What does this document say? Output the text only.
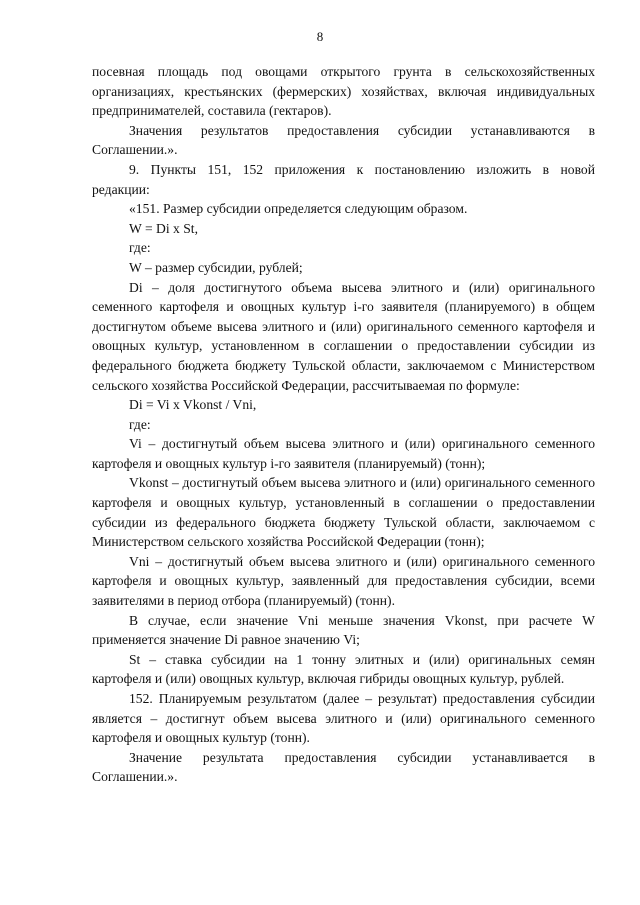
8

посевная площадь под овощами открытого грунта в сельскохозяйственных организациях, крестьянских (фермерских) хозяйствах, включая индивидуальных предпринимателей, составила (гектаров).

Значения результатов предоставления субсидии устанавливаются в Соглашении.».

9. Пункты 151, 152 приложения к постановлению изложить в новой редакции:

«151. Размер субсидии определяется следующим образом.

W = Di x St,

где:

W – размер субсидии, рублей;

Di – доля достигнутого объема высева элитного и (или) оригинального семенного картофеля и овощных культур i-го заявителя (планируемого) в общем достигнутом объеме высева элитного и (или) оригинального семенного картофеля и овощных культур, установленном в соглашении о предоставлении субсидии из федерального бюджета бюджету Тульской области, заключаемом с Министерством сельского хозяйства Российской Федерации, рассчитываемая по формуле:

Di = Vi x Vkonst / Vni,

где:

Vi – достигнутый объем высева элитного и (или) оригинального семенного картофеля и овощных культур i-го заявителя (планируемый) (тонн);

Vkonst – достигнутый объем высева элитного и (или) оригинального семенного картофеля и овощных культур, установленный в соглашении о предоставлении субсидии из федерального бюджета бюджету Тульской области, заключаемом с Министерством сельского хозяйства Российской Федерации (тонн);

Vni – достигнутый объем высева элитного и (или) оригинального семенного картофеля и овощных культур, заявленный для предоставления субсидии, всеми заявителями в период отбора (планируемый) (тонн).

В случае, если значение Vni меньше значения Vkonst, при расчете W применяется значение Di равное значению Vi;

St – ставка субсидии на 1 тонну элитных и (или) оригинальных семян картофеля и (или) овощных культур, включая гибриды овощных культур, рублей.

152. Планируемым результатом (далее – результат) предоставления субсидии является – достигнут объем высева элитного и (или) оригинального семенного картофеля и овощных культур (тонн).

Значение результата предоставления субсидии устанавливается в Соглашении.».
